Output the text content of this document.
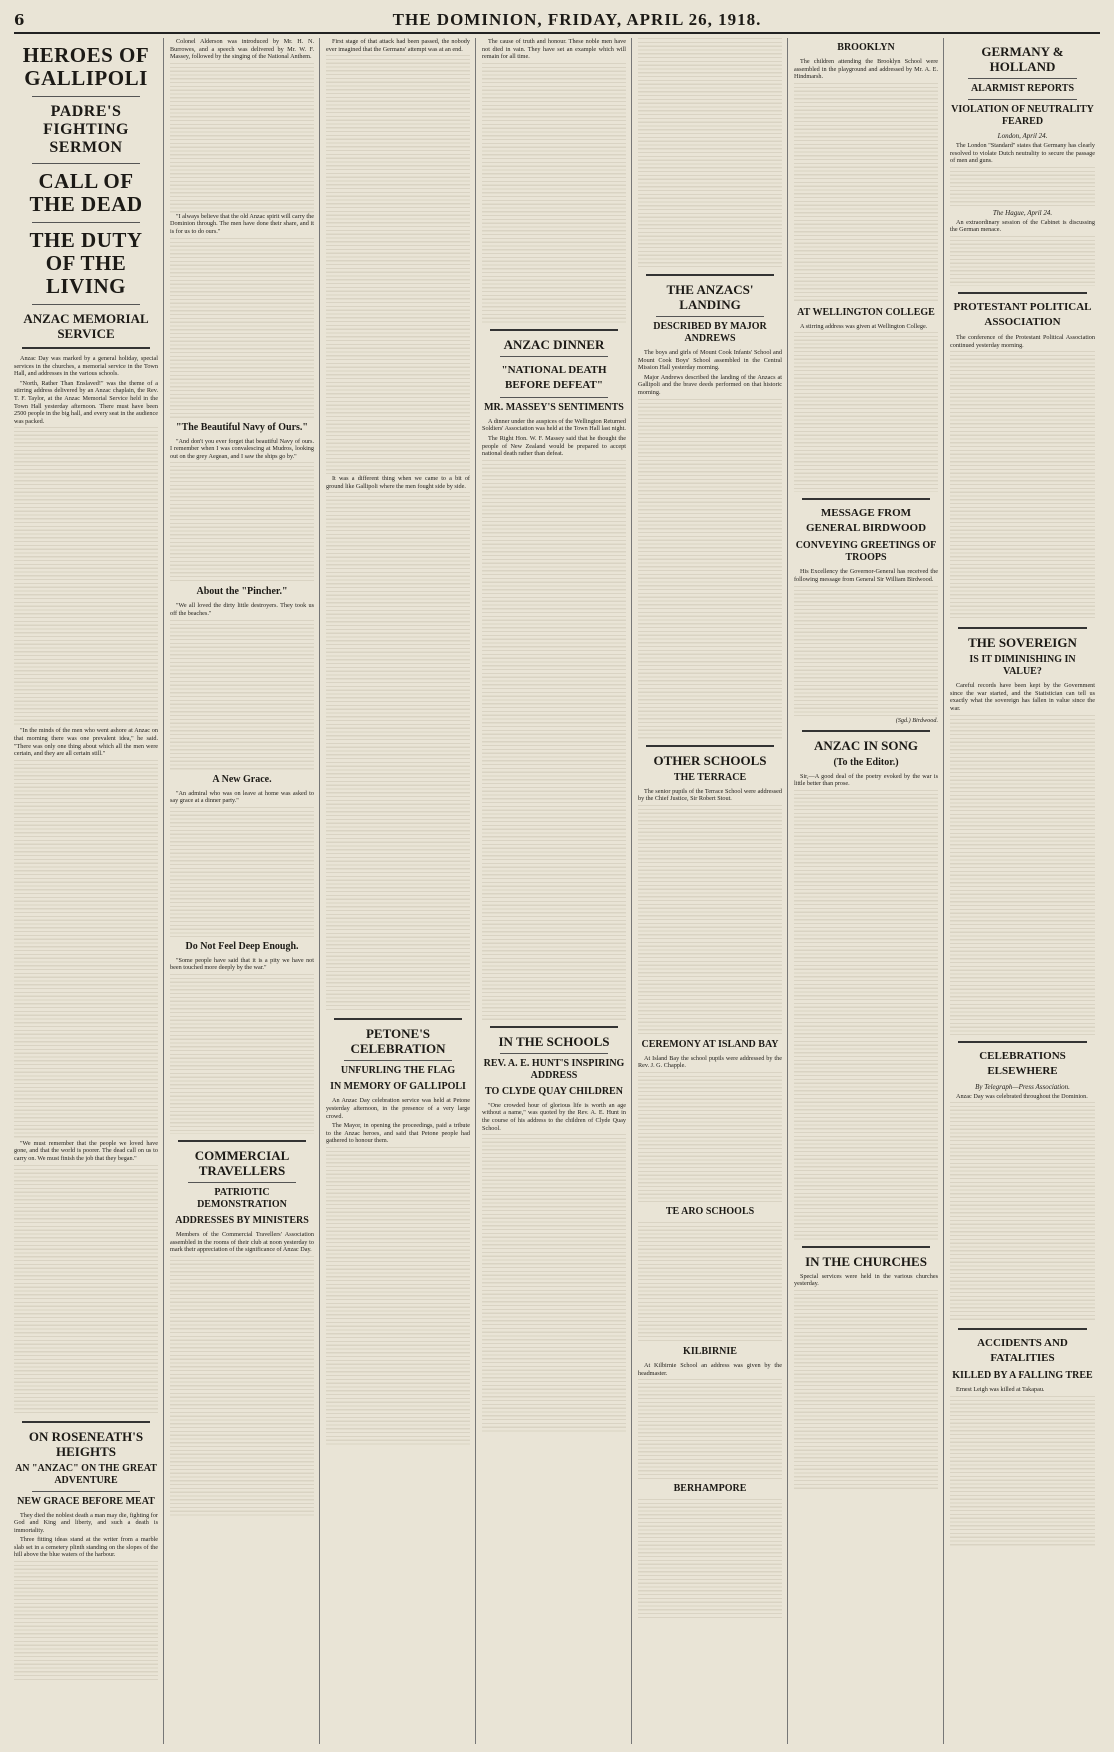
6	THE DOMINION, FRIDAY, APRIL 26, 1918.
HEROES OF GALLIPOLI
PADRE'S FIGHTING SERMON
CALL OF THE DEAD
THE DUTY OF THE LIVING
ANZAC MEMORIAL SERVICE

Anzac Day was marked by a general holiday, special services in the churches, a memorial service in the Town Hall, and addresses in the various schools.

"North, Rather Than Enslaved!" was the theme of a stirring address delivered by an Anzac chaplain, the Rev. T. F. Taylor, at the Anzac Memorial Service held in the Town Hall yesterday afternoon. There must have been 2500 people in the big hall, and every seat in the audience was packed.

"In the minds of the men who went ashore at Anzac on that morning there was one prevalent idea," he said. "There was only one thing about which all the men were certain, and they are all certain still."

"We must remember that the people we loved have gone, and that the world is poorer. The dead call on us to carry on. We must finish the job that they began."

ON ROSENEATH'S HEIGHTS
AN "ANZAC" ON THE GREAT ADVENTURE
NEW GRACE BEFORE MEAT

They died the noblest death a man may die, fighting for God and King and liberty, and such a death is immortality.

Three fitting ideas stand at the writer from a marble slab set in a cemetery plinth standing on the slopes of the hill above the blue waters of the harbour.

Colonel Alderson was introduced by Mr. H. N. Burrowes, and a speech was delivered by Mr. W. F. Massey, followed by the singing of the National Anthem.

"I always believe that the old Anzac spirit will carry the Dominion through. The men have done their share, and it is for us to do ours."

"The Beautiful Navy of Ours."

"And don't you ever forget that beautiful Navy of ours. I remember when I was convalescing at Mudros, looking out on the grey Aegean, and I saw the ships go by."

About the "Pincher."

"We all loved the dirty little destroyers. They took us off the beaches."

A New Grace.

"An admiral who was on leave at home was asked to say grace at a dinner party."

Do Not Feel Deep Enough.

"Some people have said that it is a pity we have not been touched more deeply by the war."

COMMERCIAL TRAVELLERS
PATRIOTIC DEMONSTRATION
ADDRESSES BY MINISTERS

Members of the Commercial Travellers' Association assembled in the rooms of their club at noon yesterday to mark their appreciation of the significance of Anzac Day.

First stage of that attack had been passed, the nobody ever imagined that the Germans' attempt was at an end.

It was a different thing when we came to a bit of ground like Gallipoli where the men fought side by side.

PETONE'S CELEBRATION
UNFURLING THE FLAG
IN MEMORY OF GALLIPOLI

An Anzac Day celebration service was held at Petone yesterday afternoon, in the presence of a very large crowd.

The Mayor, in opening the proceedings, paid a tribute to the Anzac heroes, and said that Petone people had gathered to honour them.

The cause of truth and honour. These noble men have not died in vain. They have set an example which will remain for all time.

ANZAC DINNER
"NATIONAL DEATH BEFORE DEFEAT"
MR. MASSEY'S SENTIMENTS

A dinner under the auspices of the Wellington Returned Soldiers' Association was held at the Town Hall last night.

The Right Hon. W. F. Massey said that he thought the people of New Zealand would be prepared to accept national death rather than defeat.

IN THE SCHOOLS
REV. A. E. HUNT'S INSPIRING ADDRESS
TO CLYDE QUAY CHILDREN

"One crowded hour of glorious life is worth an age without a name," was quoted by the Rev. A. E. Hunt in the course of his address to the children of Clyde Quay School.

THE ANZACS' LANDING
DESCRIBED BY MAJOR ANDREWS

The boys and girls of Mount Cook Infants' School and Mount Cook Boys' School assembled in the Central Mission Hall yesterday morning.

Major Andrews described the landing of the Anzacs at Gallipoli and the brave deeds performed on that historic morning.

OTHER SCHOOLS
THE TERRACE

The senior pupils of the Terrace School were addressed by the Chief Justice, Sir Robert Stout.

CEREMONY AT ISLAND BAY

At Island Bay the school pupils were addressed by the Rev. J. G. Chapple.

TE ARO SCHOOLS
KILBIRNIE

At Kilbirnie School an address was given by the headmaster.

BERHAMPORE
BROOKLYN

The children attending the Brooklyn School were assembled in the playground and addressed by Mr. A. E. Hindmarsh.

AT WELLINGTON COLLEGE

A stirring address was given at Wellington College.

MESSAGE FROM GENERAL BIRDWOOD
CONVEYING GREETINGS OF TROOPS

His Excellency the Governor-General has received the following message from General Sir William Birdwood.

(Sgd.) Birdwood.
ANZAC IN SONG
(To the Editor.)

Sir,—A good deal of the poetry evoked by the war is little better than prose.

IN THE CHURCHES

Special services were held in the various churches yesterday.

GERMANY & HOLLAND
ALARMIST REPORTS
VIOLATION OF NEUTRALITY FEARED
London, April 24.

The London "Standard" states that Germany has clearly resolved to violate Dutch neutrality to secure the passage of men and guns.

The Hague, April 24.

An extraordinary session of the Cabinet is discussing the German menace.

PROTESTANT POLITICAL ASSOCIATION

The conference of the Protestant Political Association continued yesterday morning.

THE SOVEREIGN
IS IT DIMINISHING IN VALUE?

Careful records have been kept by the Government since the war started, and the Statistician can tell us exactly what the sovereign has fallen in value since the war.

CELEBRATIONS ELSEWHERE
By Telegraph—Press Association.

Anzac Day was celebrated throughout the Dominion.

ACCIDENTS AND FATALITIES
KILLED BY A FALLING TREE

Ernest Leigh was killed at Takapau.
